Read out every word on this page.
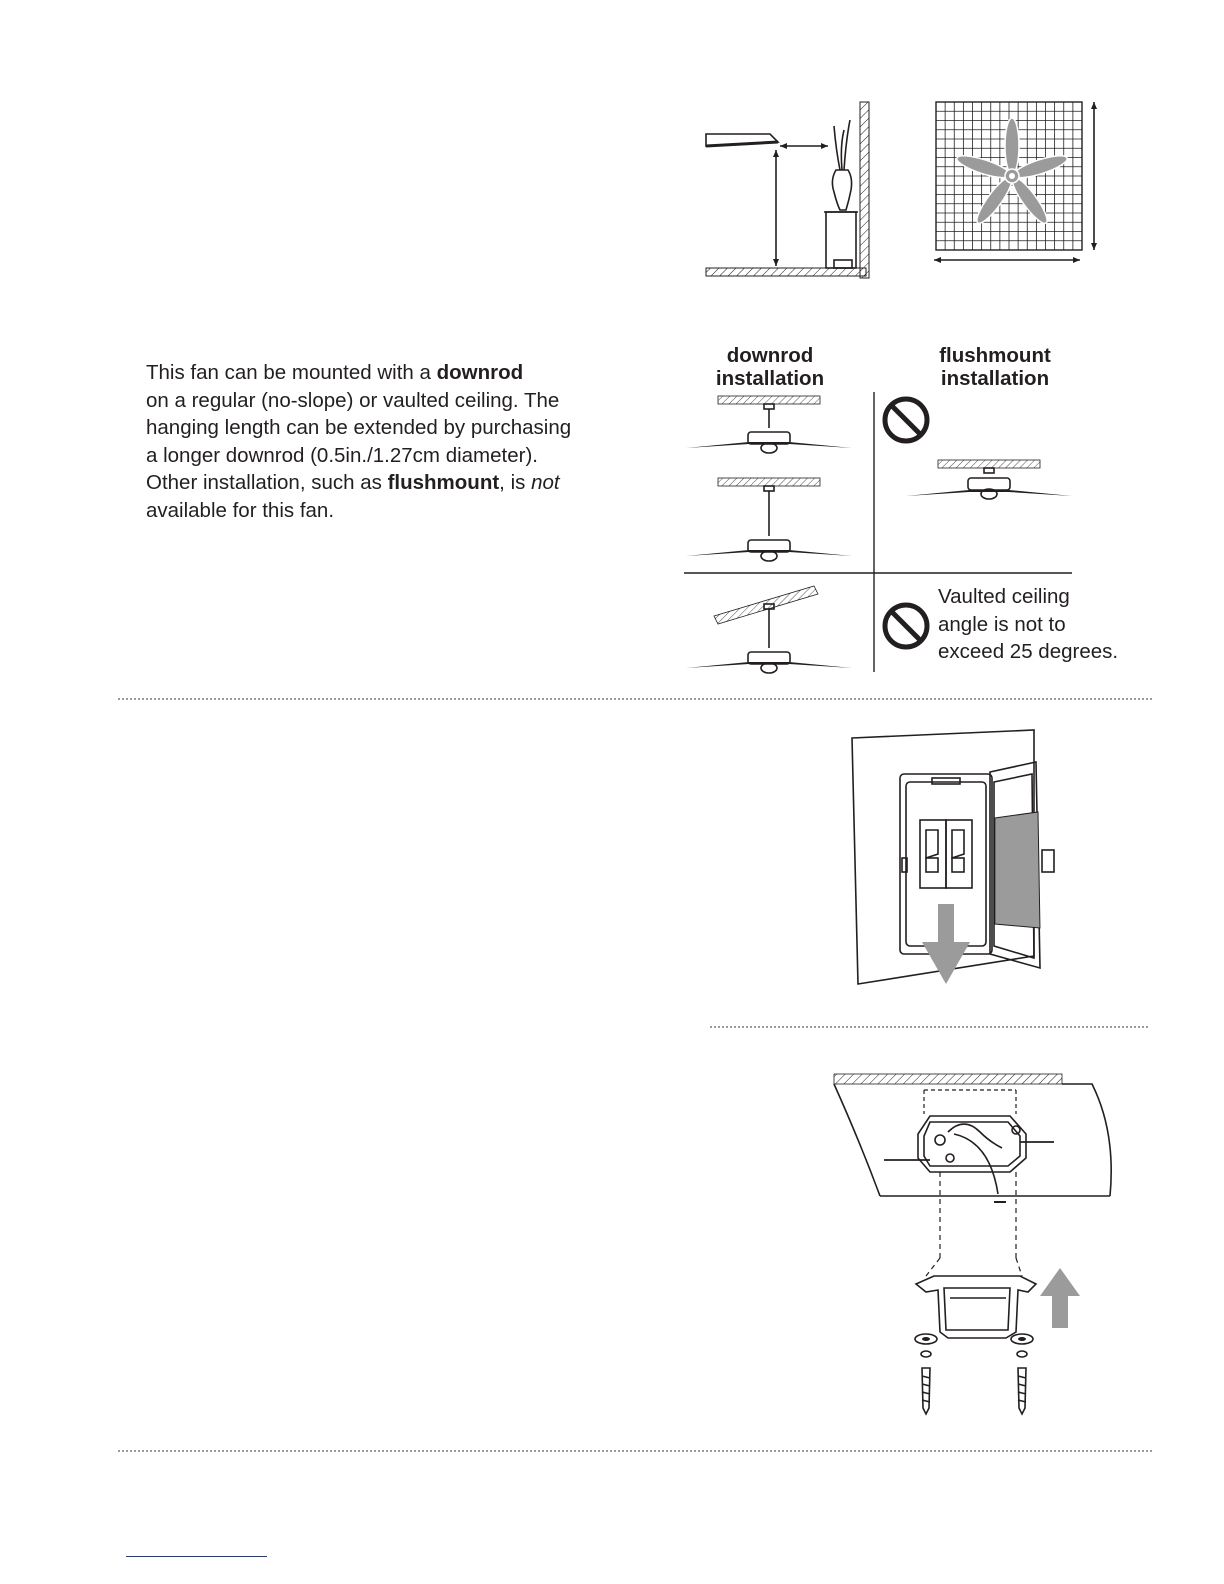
This fan can be mounted with a downrod
on a regular (no-slope) or vaulted ceiling. The
hanging length can be extended by purchasing
a longer downrod (0.5in./1.27cm diameter).
Other installation, such as flushmount, is not
available for this fan.
downrod
installation
flushmount
installation
Vaulted ceiling
angle is not to
exceed 25 degrees.
